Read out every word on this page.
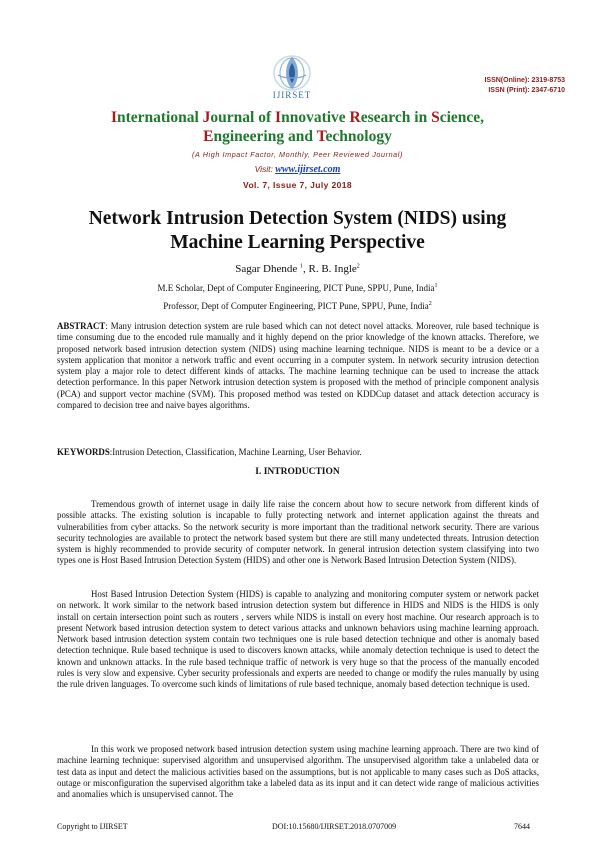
IJIRSET
ISSN(Online): 2319-8753
ISSN (Print): 2347-6710
International Journal of Innovative Research in Science,
Engineering and Technology
(A High Impact Factor, Monthly, Peer Reviewed Journal)
Visit: www.ijirset.com
Vol. 7, Issue 7, July 2018
Network Intrusion Detection System (NIDS) using
Machine Learning Perspective
Sagar Dhende $^1$, R. B. Ingle$^2$
M.E Scholar, Dept of Computer Engineering, PICT Pune, SPPU, Pune, India$^1$
Professor, Dept of Computer Engineering, PICT Pune, SPPU, Pune, India$^2$

ABSTRACT: Many intrusion detection system are rule based which can not detect novel attacks. Moreover, rule based technique is time consuming due to the encoded rule manually and it highly depend on the prior knowledge of the known attacks. Therefore, we proposed network based intrusion detection system (NIDS) using machine learning technique. NIDS is meant to be a device or a system application that monitor a network traffic and event occurring in a computer system. In network security intrusion detection system play a major role to detect different kinds of attacks. The machine learning technique can be used to increase the attack detection performance. In this paper Network intrusion detection system is proposed with the method of principle component analysis (PCA) and support vector machine (SVM). This proposed method was tested on KDDCup dataset and attack detection accuracy is compared to decision tree and naive bayes algorithms.

KEYWORDS:Intrusion Detection, Classification, Machine Learning, User Behavior.

I. INTRODUCTION

Tremendous growth of internet usage in daily life raise the concern about how to secure network from different kinds of possible attacks. The existing solution is incapable to fully protecting network and internet application against the threats and vulnerabilities from cyber attacks. So the network security is more important than the traditional network security. There are various security technologies are available to protect the network based system but there are still many undetected threats. Intrusion detection system is highly recommended to provide security of computer network. In general intrusion detection system classifying into two types one is Host Based Intrusion Detection System (HIDS) and other one is Network Based Intrusion Detection System (NIDS).

Host Based Intrusion Detection System (HIDS) is capable to analyzing and monitoring computer system or network packet on network. It work similar to the network based intrusion detection system but difference in HIDS and NIDS is the HIDS is only install on certain intersection point such as routers , servers while NIDS is install on every host machine. Our research approach is to present Network based intrusion detection system to detect various attacks and unknown behaviors using machine learning approach. Network based intrusion detection system contain two techniques one is rule based detection technique and other is anomaly based detection technique. Rule based technique is used to discovers known attacks, while anomaly detection technique is used to detect the known and unknown attacks. In the rule based technique traffic of network is very huge so that the process of the manually encoded rules is very slow and expensive. Cyber security professionals and experts are needed to change or modify the rules manually by using the rule driven languages. To overcome such kinds of limitations of rule based technique, anomaly based detection technique is used.

In this work we proposed network based intrusion detection system using machine learning approach. There are two kind of machine learning technique: supervised algorithm and unsupervised algorithm. The unsupervised algorithm take a unlabeled data or test data as input and detect the malicious activities based on the assumptions, but is not applicable to many cases such as DoS attacks, outage or misconfiguration the supervised algorithm take a labeled data as its input and it can detect wide range of malicious activities and anomalies which is unsupervised cannot. The

Copyright to IJIRSET	DOI:10.15680/IJIRSET.2018.0707009	7644
